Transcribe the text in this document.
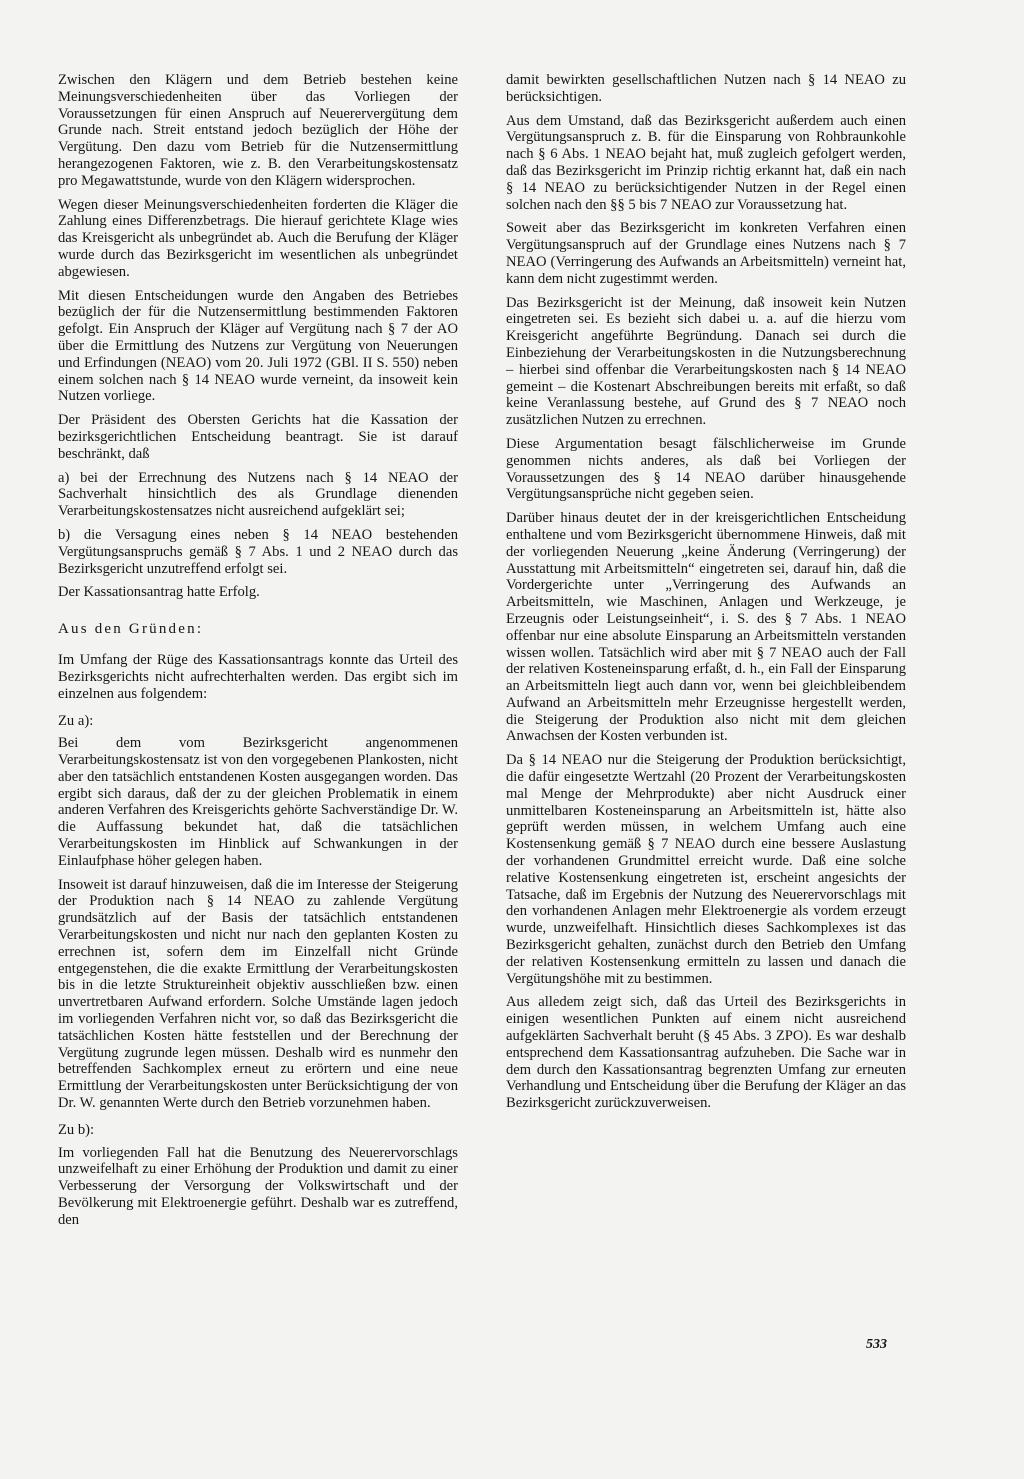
Zwischen den Klägern und dem Betrieb bestehen keine Meinungsverschiedenheiten über das Vorliegen der Voraussetzungen für einen Anspruch auf Neuerervergütung dem Grunde nach. Streit entstand jedoch bezüglich der Höhe der Vergütung. Den dazu vom Betrieb für die Nutzensermittlung herangezogenen Faktoren, wie z. B. den Verarbeitungskostensatz pro Megawattstunde, wurde von den Klägern widersprochen.

Wegen dieser Meinungsverschiedenheiten forderten die Kläger die Zahlung eines Differenzbetrags. Die hierauf gerichtete Klage wies das Kreisgericht als unbegründet ab. Auch die Berufung der Kläger wurde durch das Bezirksgericht im wesentlichen als unbegründet abgewiesen.

Mit diesen Entscheidungen wurde den Angaben des Betriebes bezüglich der für die Nutzensermittlung bestimmenden Faktoren gefolgt. Ein Anspruch der Kläger auf Vergütung nach § 7 der AO über die Ermittlung des Nutzens zur Vergütung von Neuerungen und Erfindungen (NEAO) vom 20. Juli 1972 (GBl. II S. 550) neben einem solchen nach § 14 NEAO wurde verneint, da insoweit kein Nutzen vorliege.

Der Präsident des Obersten Gerichts hat die Kassation der bezirksgerichtlichen Entscheidung beantragt. Sie ist darauf beschränkt, daß

a) bei der Errechnung des Nutzens nach § 14 NEAO der Sachverhalt hinsichtlich des als Grundlage dienenden Verarbeitungskostensatzes nicht ausreichend aufgeklärt sei;

b) die Versagung eines neben § 14 NEAO bestehenden Vergütungsanspruchs gemäß § 7 Abs. 1 und 2 NEAO durch das Bezirksgericht unzutreffend erfolgt sei.

Der Kassationsantrag hatte Erfolg.

Aus den Gründen:

Im Umfang der Rüge des Kassationsantrags konnte das Urteil des Bezirksgerichts nicht aufrechterhalten werden. Das ergibt sich im einzelnen aus folgendem:

Zu a):

Bei dem vom Bezirksgericht angenommenen Verarbeitungskostensatz ist von den vorgegebenen Plankosten, nicht aber den tatsächlich entstandenen Kosten ausgegangen worden. Das ergibt sich daraus, daß der zu der gleichen Problematik in einem anderen Verfahren des Kreisgerichts gehörte Sachverständige Dr. W. die Auffassung bekundet hat, daß die tatsächlichen Verarbeitungskosten im Hinblick auf Schwankungen in der Einlaufphase höher gelegen haben.

Insoweit ist darauf hinzuweisen, daß die im Interesse der Steigerung der Produktion nach § 14 NEAO zu zahlende Vergütung grundsätzlich auf der Basis der tatsächlich entstandenen Verarbeitungskosten und nicht nur nach den geplanten Kosten zu errechnen ist, sofern dem im Einzelfall nicht Gründe entgegenstehen, die die exakte Ermittlung der Verarbeitungskosten bis in die letzte Struktureinheit objektiv ausschließen bzw. einen unvertretbaren Aufwand erfordern. Solche Umstände lagen jedoch im vorliegenden Verfahren nicht vor, so daß das Bezirksgericht die tatsächlichen Kosten hätte feststellen und der Berechnung der Vergütung zugrunde legen müssen. Deshalb wird es nunmehr den betreffenden Sachkomplex erneut zu erörtern und eine neue Ermittlung der Verarbeitungskosten unter Berücksichtigung der von Dr. W. genannten Werte durch den Betrieb vorzunehmen haben.

Zu b):

Im vorliegenden Fall hat die Benutzung des Neuerervorschlags unzweifelhaft zu einer Erhöhung der Produktion und damit zu einer Verbesserung der Versorgung der Volkswirtschaft und der Bevölkerung mit Elektroenergie geführt. Deshalb war es zutreffend, den

damit bewirkten gesellschaftlichen Nutzen nach § 14 NEAO zu berücksichtigen.

Aus dem Umstand, daß das Bezirksgericht außerdem auch einen Vergütungsanspruch z. B. für die Einsparung von Rohbraunkohle nach § 6 Abs. 1 NEAO bejaht hat, muß zugleich gefolgert werden, daß das Bezirksgericht im Prinzip richtig erkannt hat, daß ein nach § 14 NEAO zu berücksichtigender Nutzen in der Regel einen solchen nach den §§ 5 bis 7 NEAO zur Voraussetzung hat.

Soweit aber das Bezirksgericht im konkreten Verfahren einen Vergütungsanspruch auf der Grundlage eines Nutzens nach § 7 NEAO (Verringerung des Aufwands an Arbeitsmitteln) verneint hat, kann dem nicht zugestimmt werden.

Das Bezirksgericht ist der Meinung, daß insoweit kein Nutzen eingetreten sei. Es bezieht sich dabei u. a. auf die hierzu vom Kreisgericht angeführte Begründung. Danach sei durch die Einbeziehung der Verarbeitungskosten in die Nutzungsberechnung – hierbei sind offenbar die Verarbeitungskosten nach § 14 NEAO gemeint – die Kostenart Abschreibungen bereits mit erfaßt, so daß keine Veranlassung bestehe, auf Grund des § 7 NEAO noch zusätzlichen Nutzen zu errechnen.

Diese Argumentation besagt fälschlicherweise im Grunde genommen nichts anderes, als daß bei Vorliegen der Voraussetzungen des § 14 NEAO darüber hinausgehende Vergütungsansprüche nicht gegeben seien.

Darüber hinaus deutet der in der kreisgerichtlichen Entscheidung enthaltene und vom Bezirksgericht übernommene Hinweis, daß mit der vorliegenden Neuerung „keine Änderung (Verringerung) der Ausstattung mit Arbeitsmitteln“ eingetreten sei, darauf hin, daß die Vordergerichte unter „Verringerung des Aufwands an Arbeitsmitteln, wie Maschinen, Anlagen und Werkzeuge, je Erzeugnis oder Leistungseinheit“, i. S. des § 7 Abs. 1 NEAO offenbar nur eine absolute Einsparung an Arbeitsmitteln verstanden wissen wollen. Tatsächlich wird aber mit § 7 NEAO auch der Fall der relativen Kosteneinsparung erfaßt, d. h., ein Fall der Einsparung an Arbeitsmitteln liegt auch dann vor, wenn bei gleichbleibendem Aufwand an Arbeitsmitteln mehr Erzeugnisse hergestellt werden, die Steigerung der Produktion also nicht mit dem gleichen Anwachsen der Kosten verbunden ist.

Da § 14 NEAO nur die Steigerung der Produktion berücksichtigt, die dafür eingesetzte Wertzahl (20 Prozent der Verarbeitungskosten mal Menge der Mehrprodukte) aber nicht Ausdruck einer unmittelbaren Kosteneinsparung an Arbeitsmitteln ist, hätte also geprüft werden müssen, in welchem Umfang auch eine Kostensenkung gemäß § 7 NEAO durch eine bessere Auslastung der vorhandenen Grundmittel erreicht wurde. Daß eine solche relative Kostensenkung eingetreten ist, erscheint angesichts der Tatsache, daß im Ergebnis der Nutzung des Neuerervorschlags mit den vorhandenen Anlagen mehr Elektroenergie als vordem erzeugt wurde, unzweifelhaft. Hinsichtlich dieses Sachkomplexes ist das Bezirksgericht gehalten, zunächst durch den Betrieb den Umfang der relativen Kostensenkung ermitteln zu lassen und danach die Vergütungshöhe mit zu bestimmen.

Aus alledem zeigt sich, daß das Urteil des Bezirksgerichts in einigen wesentlichen Punkten auf einem nicht ausreichend aufgeklärten Sachverhalt beruht (§ 45 Abs. 3 ZPO). Es war deshalb entsprechend dem Kassationsantrag aufzuheben. Die Sache war in dem durch den Kassationsantrag begrenzten Umfang zur erneuten Verhandlung und Entscheidung über die Berufung der Kläger an das Bezirksgericht zurückzuverweisen.

533
